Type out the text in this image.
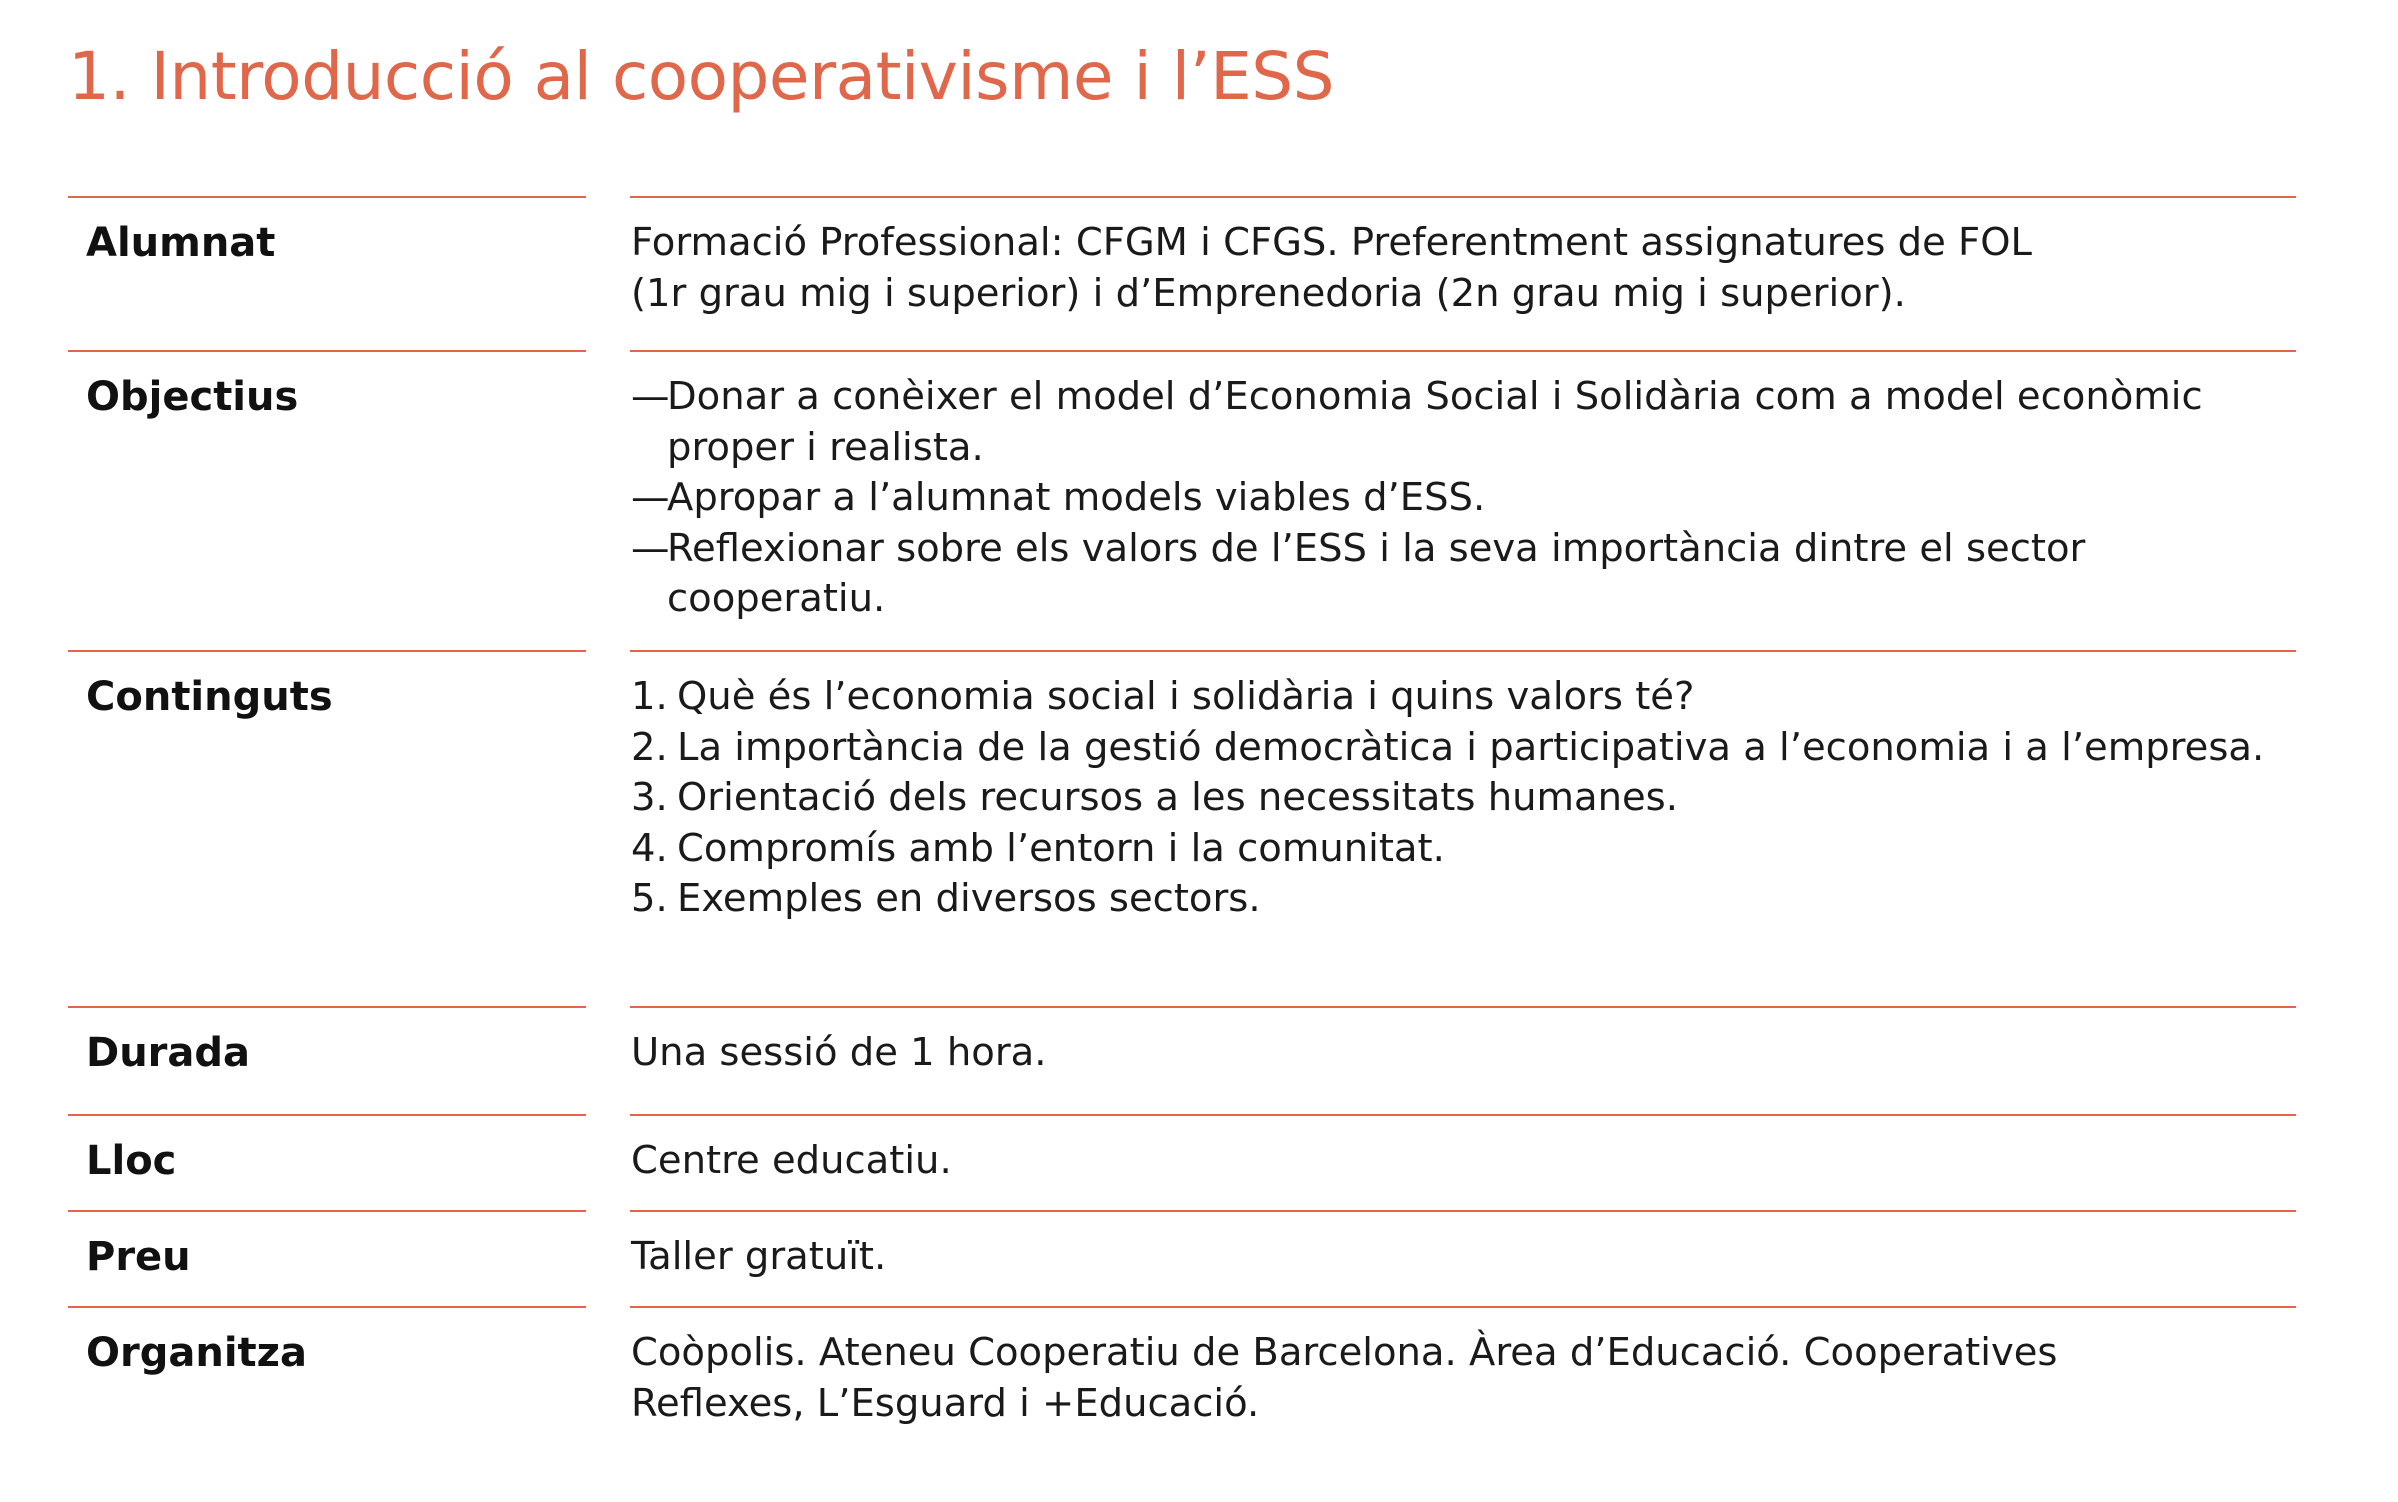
1. Introducció al cooperativisme i l’ESS
Alumnat	Formació Professional: CFGM i CFGS. Preferentment assignatures de FOL

(1r grau mig i superior) i d’Emprenedoria (2n grau mig i superior).

Objectius
—	Donar a conèixer el model d’Economia Social i Solidària com a model econòmic proper i realista.
— Apropar a l’alumnat models viables d’ESS.
— Reflexionar sobre els valors de l’ESS i la seva importància dintre el sector cooperatiu.
Continguts	1. Què és l’economia social i solidària i quins valors té?
2. La importància de la gestió democràtica i participativa a l’economia i a l’empresa.
3. Orientació dels recursos a les necessitats humanes.
4. Compromís amb l’entorn i la comunitat.
5. Exemples en diversos sectors.
Durada	Una sessió de 1 hora.
Lloc	Centre educatiu.
Preu	Taller gratuït.
Organitza	Coòpolis. Ateneu Cooperatiu de Barcelona. Àrea d’Educació. Cooperatives

Reflexes, L’Esguard i +Educació.
